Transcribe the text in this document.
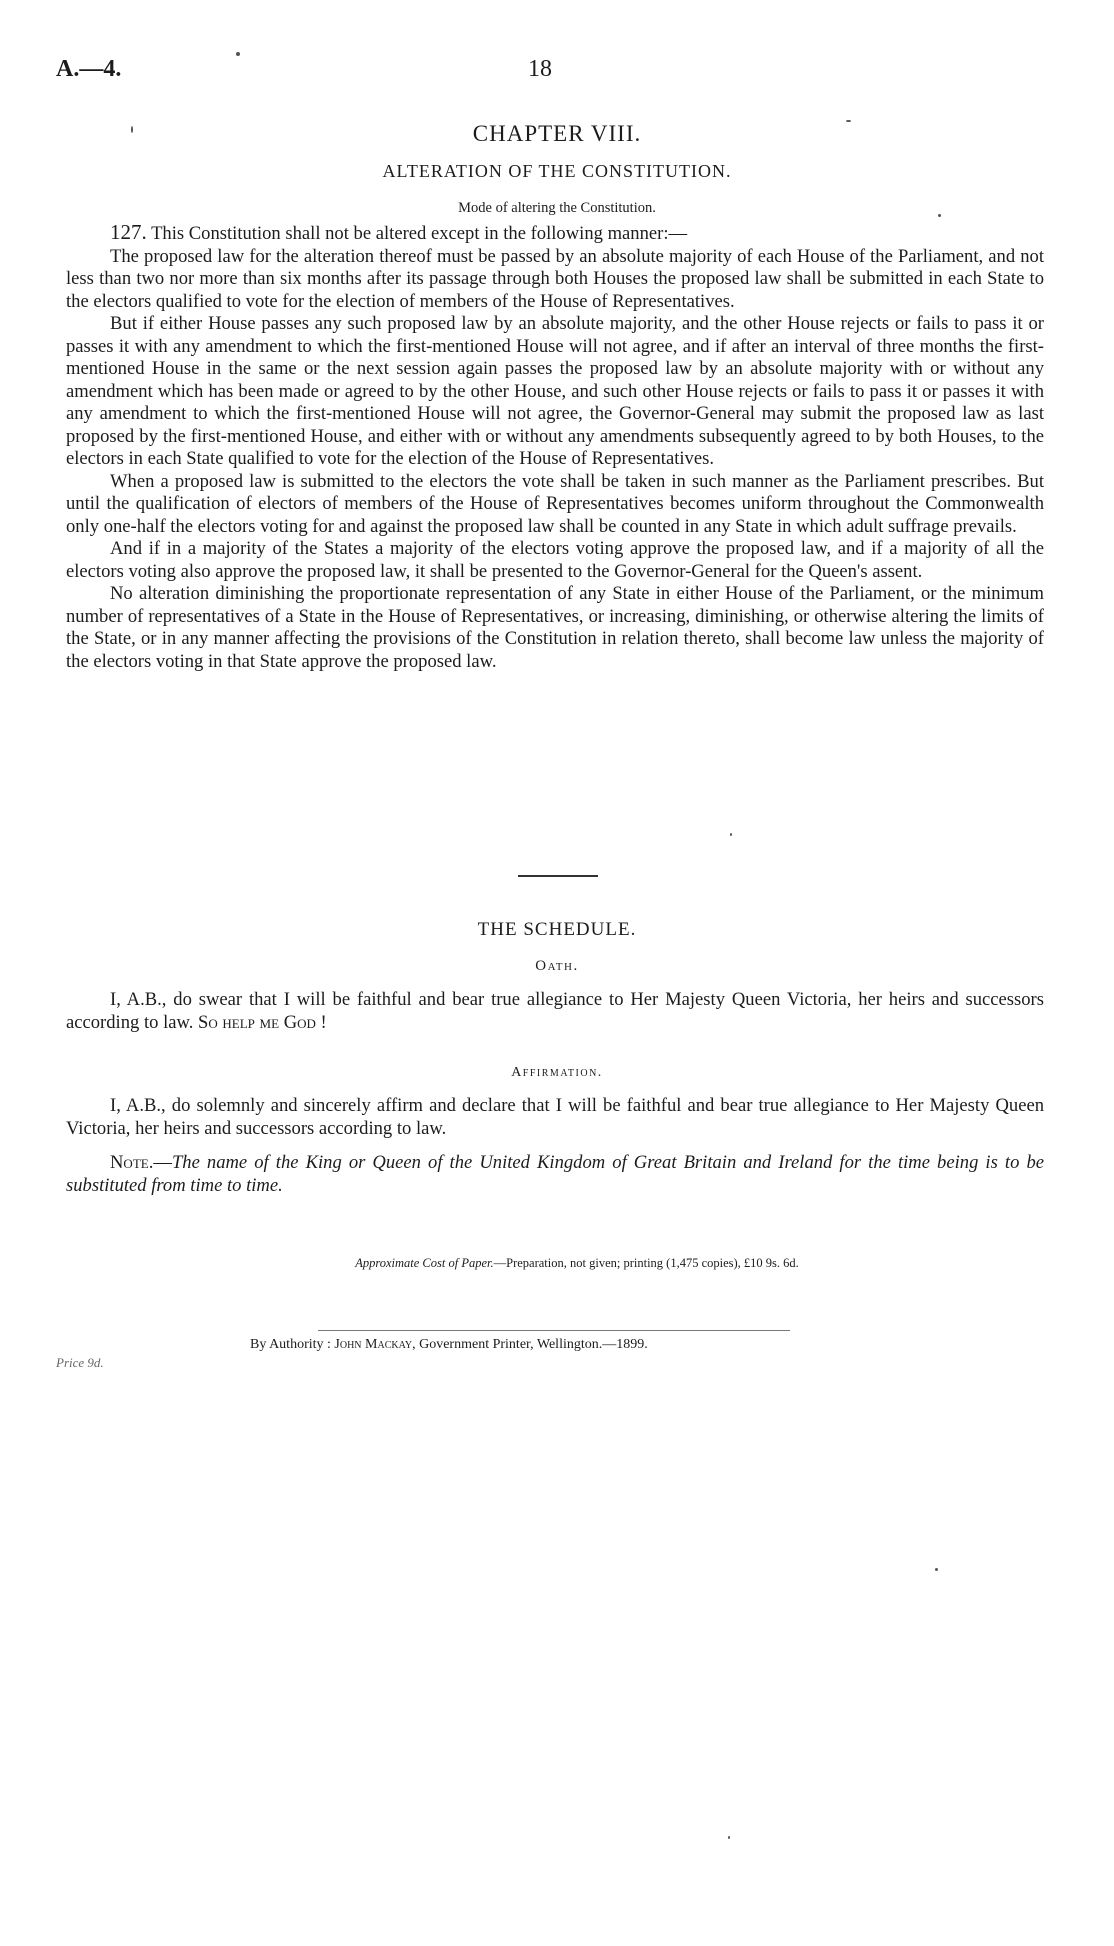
A.—4.	18
CHAPTER VIII.
ALTERATION OF THE CONSTITUTION.
Mode of altering the Constitution.

127. This Constitution shall not be altered except in the following manner:—

The proposed law for the alteration thereof must be passed by an absolute majority of each House of the Parliament, and not less than two nor more than six months after its passage through both Houses the proposed law shall be submitted in each State to the electors qualified to vote for the election of members of the House of Representatives.

But if either House passes any such proposed law by an absolute majority, and the other House rejects or fails to pass it or passes it with any amendment to which the first-mentioned House will not agree, and if after an interval of three months the first-mentioned House in the same or the next session again passes the proposed law by an absolute majority with or without any amendment which has been made or agreed to by the other House, and such other House rejects or fails to pass it or passes it with any amendment to which the first-mentioned House will not agree, the Governor-General may submit the proposed law as last proposed by the first-mentioned House, and either with or without any amendments subsequently agreed to by both Houses, to the electors in each State qualified to vote for the election of the House of Representatives.

When a proposed law is submitted to the electors the vote shall be taken in such manner as the Parliament prescribes. But until the qualification of electors of members of the House of Representatives becomes uniform throughout the Commonwealth only one-half the electors voting for and against the proposed law shall be counted in any State in which adult suffrage prevails.

And if in a majority of the States a majority of the electors voting approve the proposed law, and if a majority of all the electors voting also approve the proposed law, it shall be presented to the Governor-General for the Queen's assent.

No alteration diminishing the proportionate representation of any State in either House of the Parliament, or the minimum number of representatives of a State in the House of Representatives, or increasing, diminishing, or otherwise altering the limits of the State, or in any manner affecting the provisions of the Constitution in relation thereto, shall become law unless the majority of the electors voting in that State approve the proposed law.

THE SCHEDULE.
Oath.

I, A.B., do swear that I will be faithful and bear true allegiance to Her Majesty Queen Victoria, her heirs and successors according to law. So help me God !

Affirmation.

I, A.B., do solemnly and sincerely affirm and declare that I will be faithful and bear true allegiance to Her Majesty Queen Victoria, her heirs and successors according to law.

Note.—The name of the King or Queen of the United Kingdom of Great Britain and Ireland for the time being is to be substituted from time to time.

Approximate Cost of Paper.—Preparation, not given; printing (1,475 copies), £10 9s. 6d.
Price 9d.
By Authority : John Mackay, Government Printer, Wellington.—1899.
